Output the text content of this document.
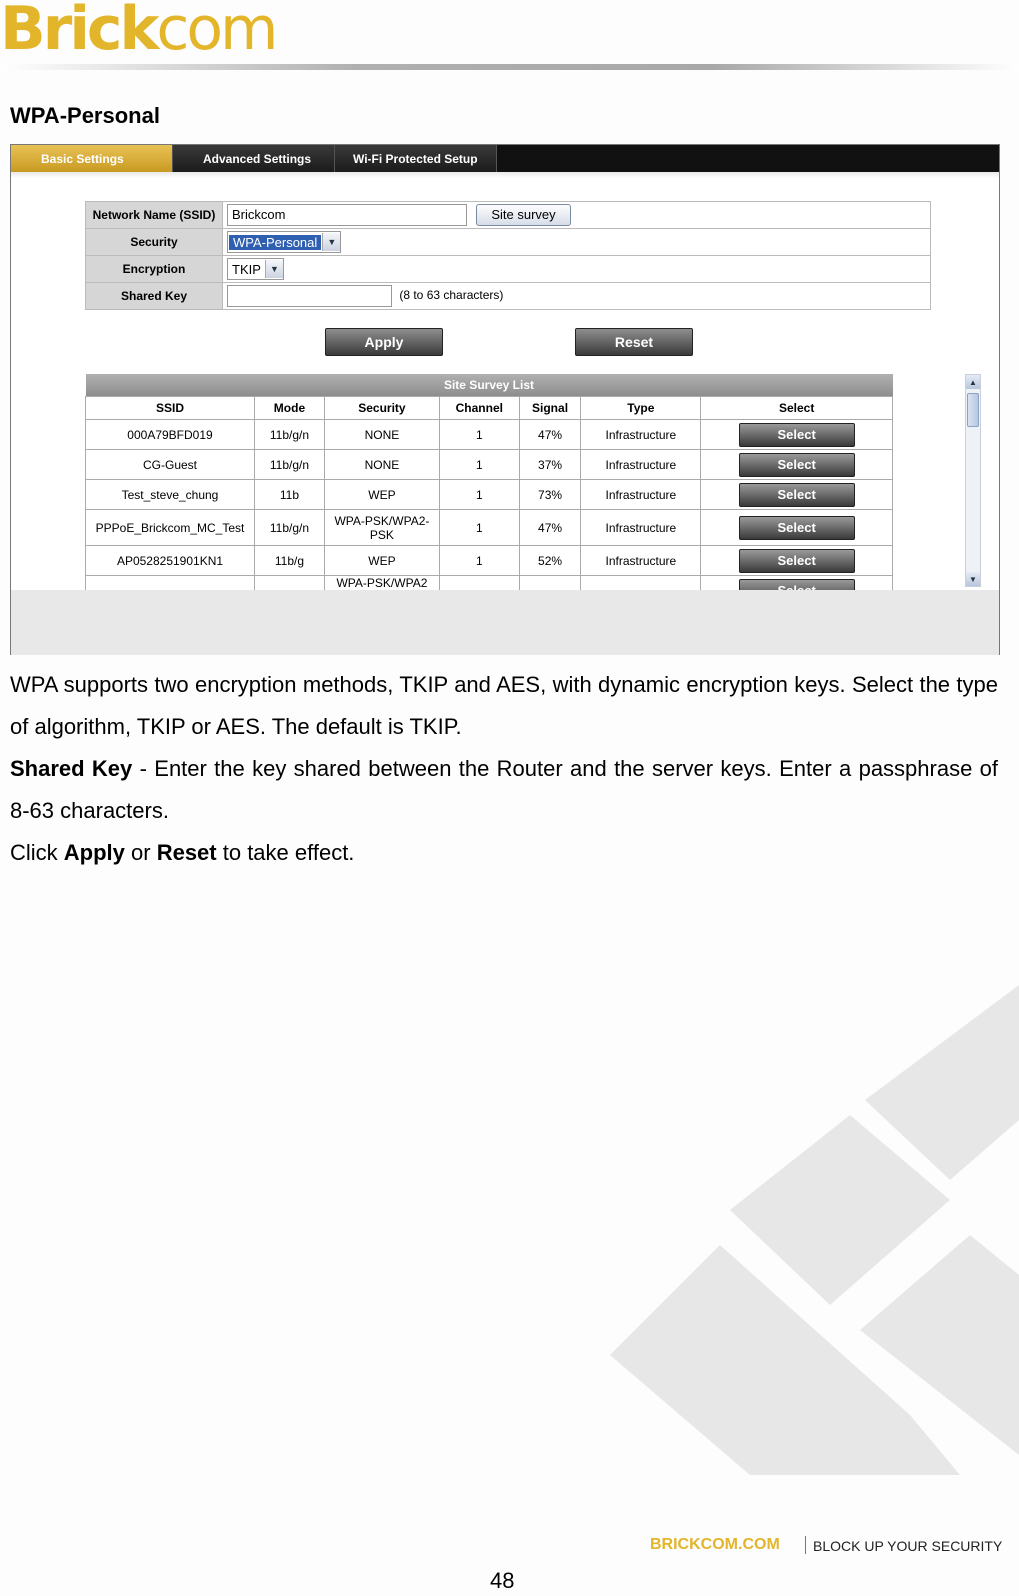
Brick com
WPA-Personal
Basic Settings	Advanced Settings	Wi-Fi Protected Setup
Network Name (SSID)	Brickcom Site survey
Security	WPA-Personal ▼

Encryption	TKIP ▼

Shared Key	(8 to 63 characters)
Apply	Reset
Site Survey List						
SSID	Mode	Security	Channel	Signal	Type	Select
000A79BFD019	11b/g/n	NONE	1	47%	Infrastructure	Select
CG-Guest	11b/g/n	NONE	1	37%	Infrastructure	Select
Test_steve_chung	11b	WEP	1	73%	Infrastructure	Select
PPPoE_Brickcom_MC_Test	11b/g/n	WPA-PSK/WPA2-PSK	1	47%	Infrastructure	Select
AP0528251901KN1	11b/g	WEP	1	52%	Infrastructure	Select
		WPA-PSK/WPA2				
▲
▼
WPA supports two encryption methods, TKIP and AES, with dynamic encryption keys. Select the type of algorithm, TKIP or AES. The default is TKIP.
Shared Key - Enter the key shared between the Router and the server keys. Enter a passphrase of 8-63 characters.
Click Apply or Reset to take effect.
BRICKCOM.COM BLOCK UP YOUR SECURITY
48
